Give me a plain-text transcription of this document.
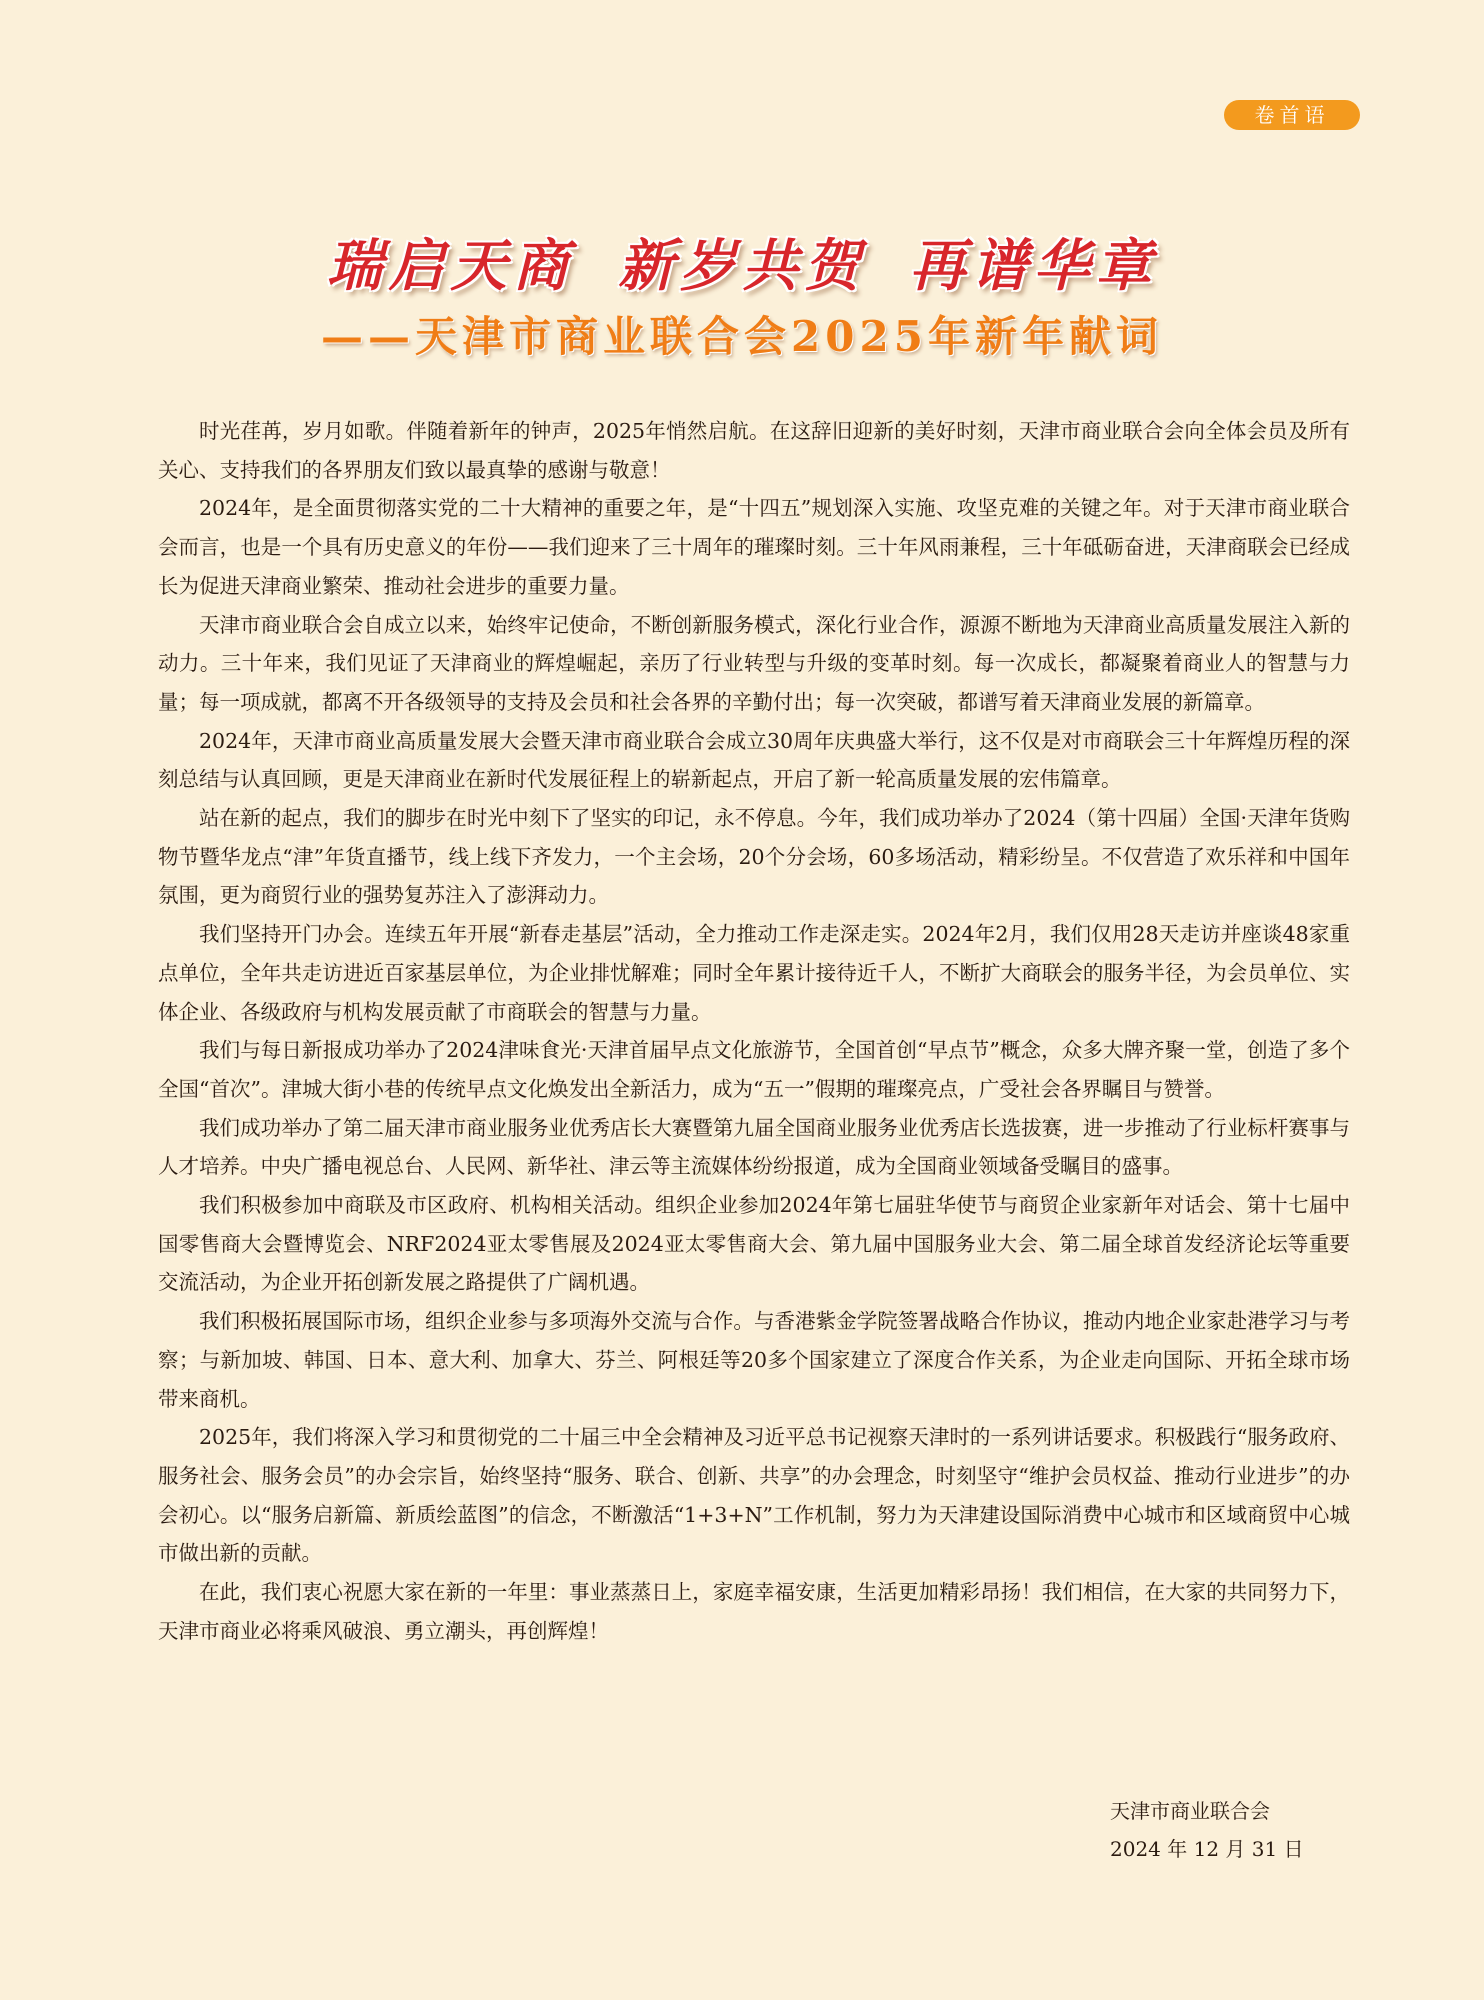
卷首语
瑞启天商 新岁共贺 再谱华章
——天津市商业联合会2025年新年献词

时光荏苒，岁月如歌。伴随着新年的钟声，2025年悄然启航。在这辞旧迎新的美好时刻，天津市商业联合会向全体会员及所有关心、支持我们的各界朋友们致以最真挚的感谢与敬意！

2024年，是全面贯彻落实党的二十大精神的重要之年，是“十四五”规划深入实施、攻坚克难的关键之年。对于天津市商业联合会而言，也是一个具有历史意义的年份——我们迎来了三十周年的璀璨时刻。三十年风雨兼程，三十年砥砺奋进，天津商联会已经成长为促进天津商业繁荣、推动社会进步的重要力量。

天津市商业联合会自成立以来，始终牢记使命，不断创新服务模式，深化行业合作，源源不断地为天津商业高质量发展注入新的动力。三十年来，我们见证了天津商业的辉煌崛起，亲历了行业转型与升级的变革时刻。每一次成长，都凝聚着商业人的智慧与力量；每一项成就，都离不开各级领导的支持及会员和社会各界的辛勤付出；每一次突破，都谱写着天津商业发展的新篇章。

2024年，天津市商业高质量发展大会暨天津市商业联合会成立30周年庆典盛大举行，这不仅是对市商联会三十年辉煌历程的深刻总结与认真回顾，更是天津商业在新时代发展征程上的崭新起点，开启了新一轮高质量发展的宏伟篇章。

站在新的起点，我们的脚步在时光中刻下了坚实的印记，永不停息。今年，我们成功举办了2024（第十四届）全国·天津年货购物节暨华龙点“津”年货直播节，线上线下齐发力，一个主会场，20个分会场，60多场活动，精彩纷呈。不仅营造了欢乐祥和中国年氛围，更为商贸行业的强势复苏注入了澎湃动力。

我们坚持开门办会。连续五年开展“新春走基层”活动，全力推动工作走深走实。2024年2月，我们仅用28天走访并座谈48家重点单位，全年共走访进近百家基层单位，为企业排忧解难；同时全年累计接待近千人，不断扩大商联会的服务半径，为会员单位、实体企业、各级政府与机构发展贡献了市商联会的智慧与力量。

我们与每日新报成功举办了2024津味食光·天津首届早点文化旅游节，全国首创“早点节”概念，众多大牌齐聚一堂，创造了多个全国“首次”。津城大街小巷的传统早点文化焕发出全新活力，成为“五一”假期的璀璨亮点，广受社会各界瞩目与赞誉。

我们成功举办了第二届天津市商业服务业优秀店长大赛暨第九届全国商业服务业优秀店长选拔赛，进一步推动了行业标杆赛事与人才培养。中央广播电视总台、人民网、新华社、津云等主流媒体纷纷报道，成为全国商业领域备受瞩目的盛事。

我们积极参加中商联及市区政府、机构相关活动。组织企业参加2024年第七届驻华使节与商贸企业家新年对话会、第十七届中国零售商大会暨博览会、NRF2024亚太零售展及2024亚太零售商大会、第九届中国服务业大会、第二届全球首发经济论坛等重要交流活动，为企业开拓创新发展之路提供了广阔机遇。

我们积极拓展国际市场，组织企业参与多项海外交流与合作。与香港紫金学院签署战略合作协议，推动内地企业家赴港学习与考察；与新加坡、韩国、日本、意大利、加拿大、芬兰、阿根廷等20多个国家建立了深度合作关系，为企业走向国际、开拓全球市场带来商机。

2025年，我们将深入学习和贯彻党的二十届三中全会精神及习近平总书记视察天津时的一系列讲话要求。积极践行“服务政府、服务社会、服务会员”的办会宗旨，始终坚持“服务、联合、创新、共享”的办会理念，时刻坚守“维护会员权益、推动行业进步”的办会初心。以“服务启新篇、新质绘蓝图”的信念，不断激活“1+3+N”工作机制，努力为天津建设国际消费中心城市和区域商贸中心城市做出新的贡献。

在此，我们衷心祝愿大家在新的一年里：事业蒸蒸日上，家庭幸福安康，生活更加精彩昂扬！我们相信，在大家的共同努力下，天津市商业必将乘风破浪、勇立潮头，再创辉煌！

天津市商业联合会
2024 年 12 月 31 日
